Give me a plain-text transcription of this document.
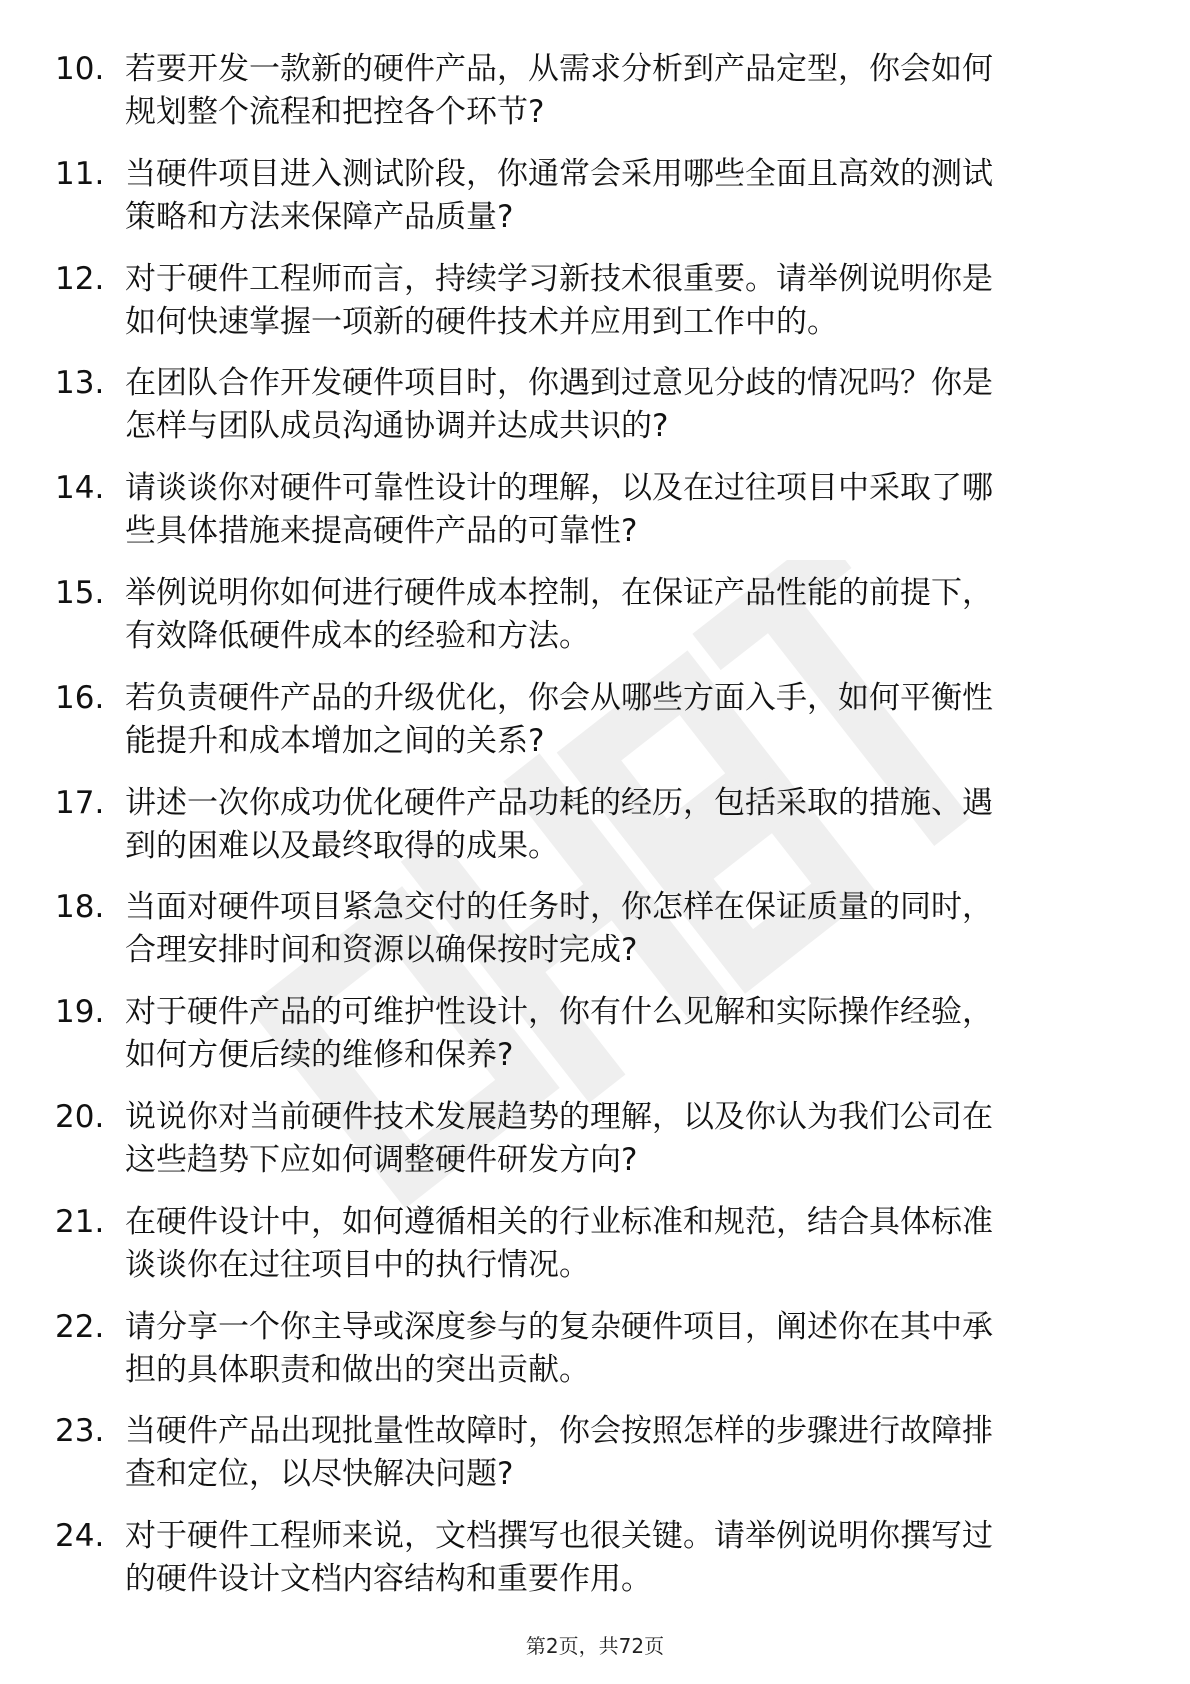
10. 若要开发一款新的硬件产品，从需求分析到产品定型，你会如何
规划整个流程和把控各个环节?
11. 当硬件项目进入测试阶段，你通常会采用哪些全面且高效的测试
策略和方法来保障产品质量?
12. 对于硬件工程师而言，持续学习新技术很重要。请举例说明你是
如何快速掌握一项新的硬件技术并应用到工作中的。
13. 在团队合作开发硬件项目时，你遇到过意见分歧的情况吗？你是
怎样与团队成员沟通协调并达成共识的?
14. 请谈谈你对硬件可靠性设计的理解，以及在过往项目中采取了哪
些具体措施来提高硬件产品的可靠性?
15. 举例说明你如何进行硬件成本控制，在保证产品性能的前提下，
有效降低硬件成本的经验和方法。
16. 若负责硬件产品的升级优化，你会从哪些方面入手，如何平衡性
能提升和成本增加之间的关系?
17. 讲述一次你成功优化硬件产品功耗的经历，包括采取的措施、遇
到的困难以及最终取得的成果。
18. 当面对硬件项目紧急交付的任务时，你怎样在保证质量的同时，
合理安排时间和资源以确保按时完成?
19. 对于硬件产品的可维护性设计，你有什么见解和实际操作经验，
如何方便后续的维修和保养?
20. 说说你对当前硬件技术发展趋势的理解，以及你认为我们公司在
这些趋势下应如何调整硬件研发方向?
21. 在硬件设计中，如何遵循相关的行业标准和规范，结合具体标准
谈谈你在过往项目中的执行情况。
22. 请分享一个你主导或深度参与的复杂硬件项目，阐述你在其中承
担的具体职责和做出的突出贡献。
23. 当硬件产品出现批量性故障时，你会按照怎样的步骤进行故障排
查和定位，以尽快解决问题?
24. 对于硬件工程师来说，文档撰写也很关键。请举例说明你撰写过
的硬件设计文档内容结构和重要作用。
第2页，共72页
